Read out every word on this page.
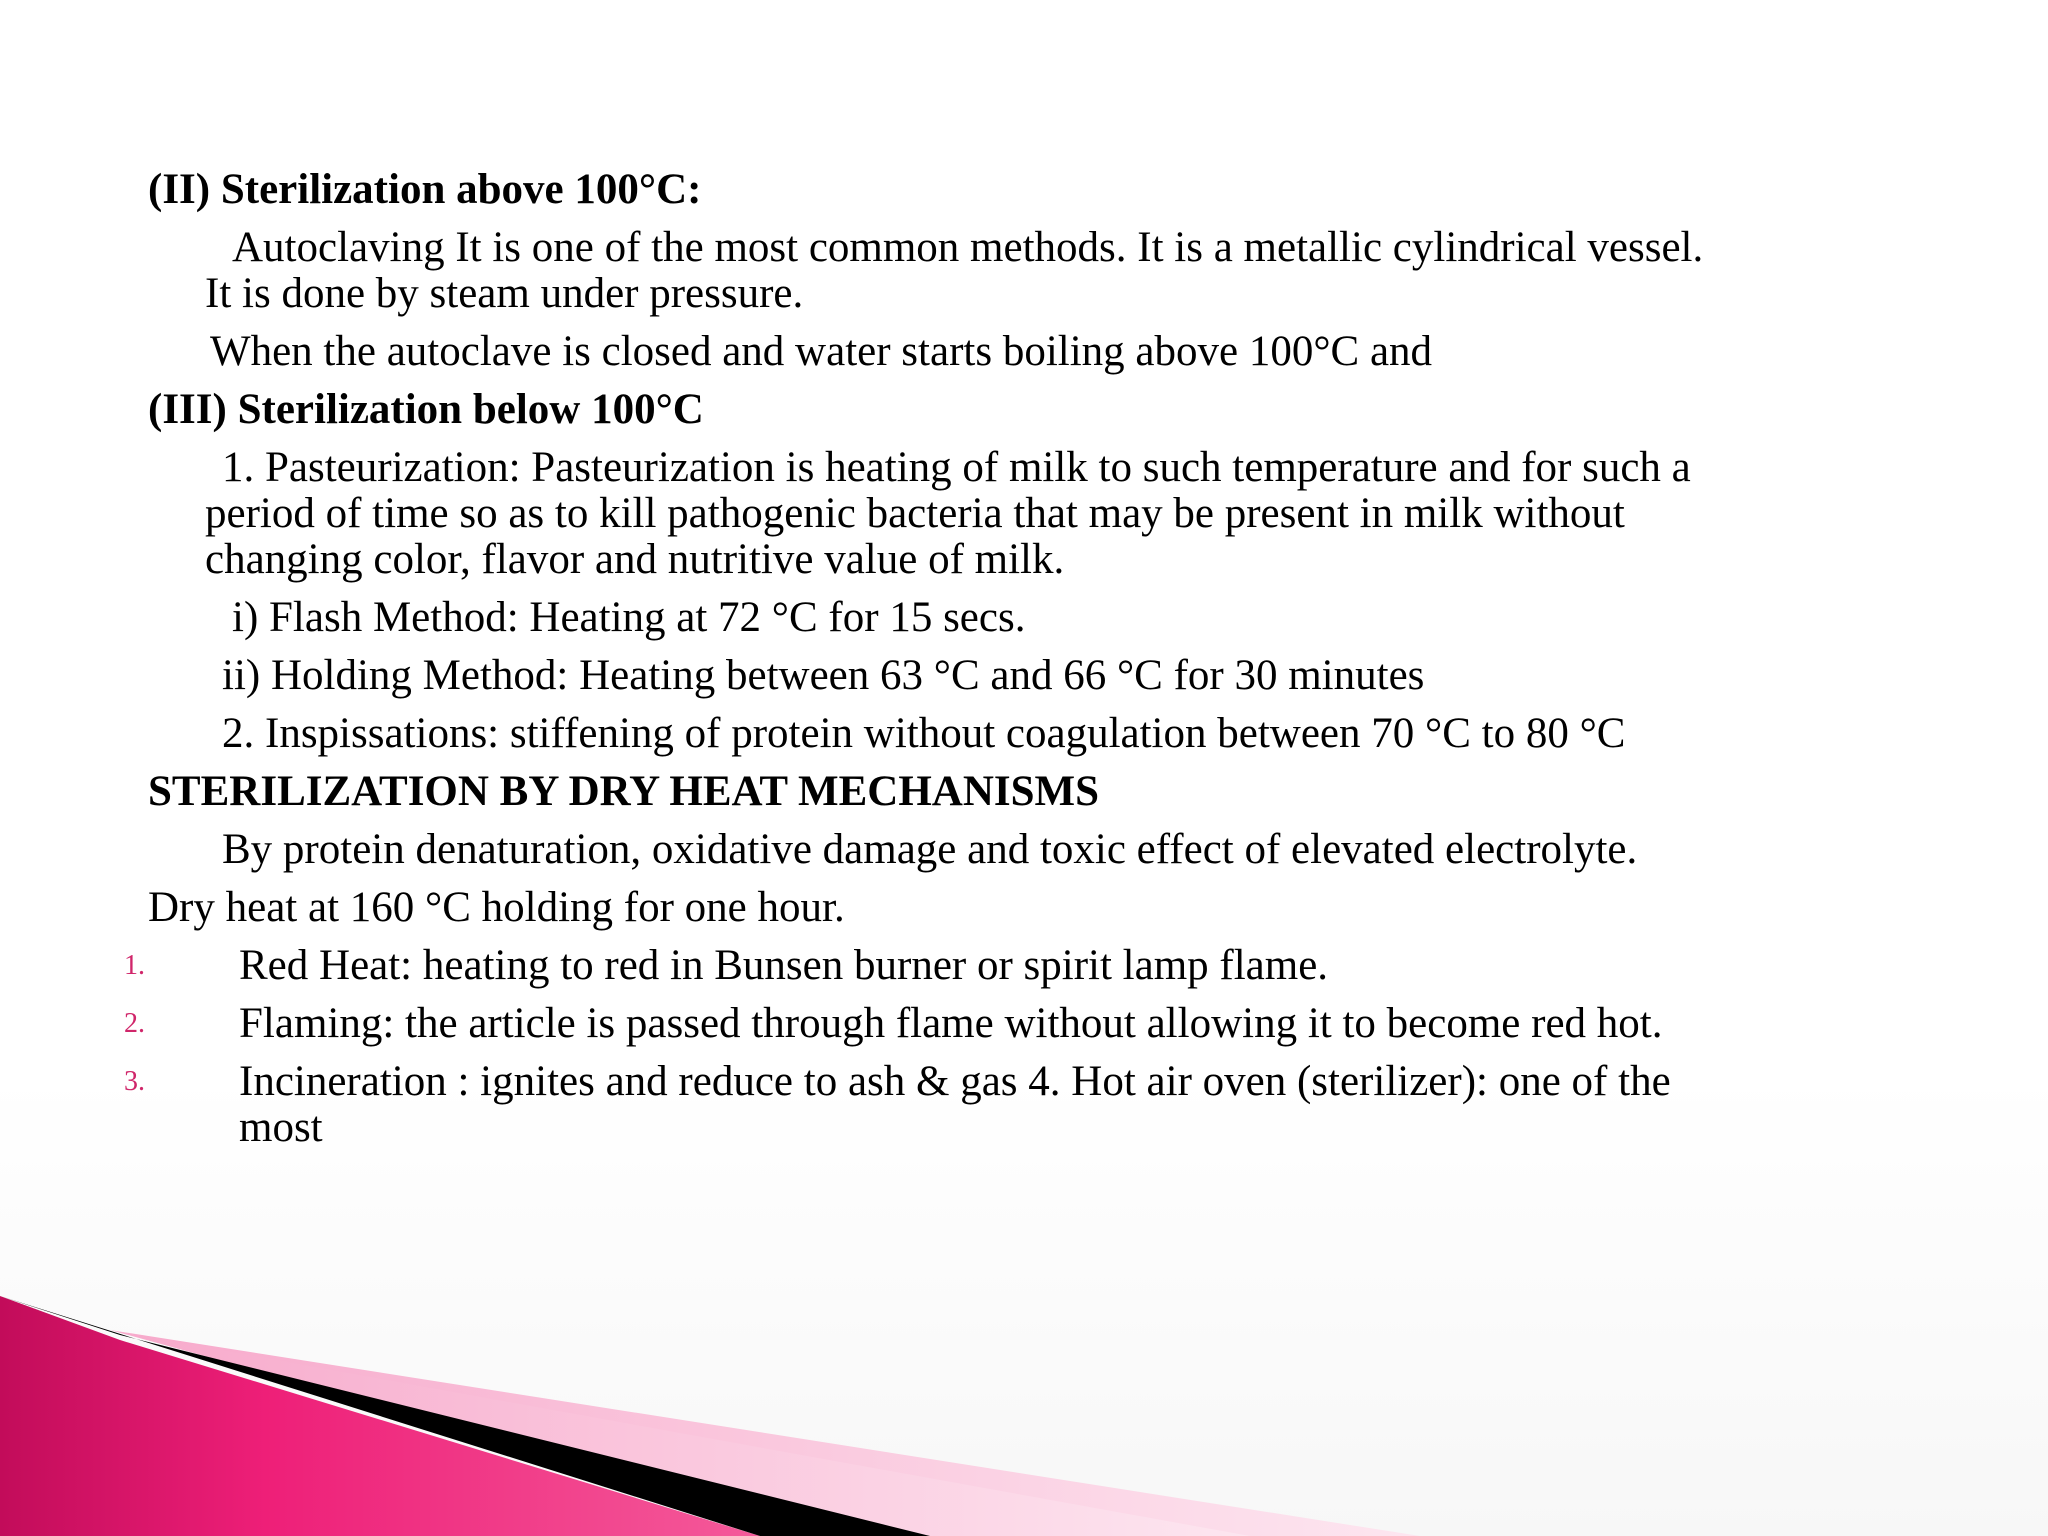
(II) Sterilization above 100°C:
Autoclaving It is one of the most common methods. It is a metallic cylindrical vessel.
It is done by steam under pressure.
When the autoclave is closed and water starts boiling above 100°C and
(III) Sterilization below 100°C
1. Pasteurization: Pasteurization is heating of milk to such temperature and for such a
period of time so as to kill pathogenic bacteria that may be present in milk without
changing color, flavor and nutritive value of milk.
i) Flash Method: Heating at 72 °C for 15 secs.
ii) Holding Method: Heating between 63 °C and 66 °C for 30 minutes
2. Inspissations: stiffening of protein without coagulation between 70 °C to 80 °C
STERILIZATION BY DRY HEAT MECHANISMS
By protein denaturation, oxidative damage and toxic effect of elevated electrolyte.
Dry heat at 160 °C holding for one hour.
1. Red Heat: heating to red in Bunsen burner or spirit lamp flame.
2. Flaming: the article is passed through flame without allowing it to become red hot.
3. Incineration : ignites and reduce to ash & gas 4. Hot air oven (sterilizer): one of the
most
